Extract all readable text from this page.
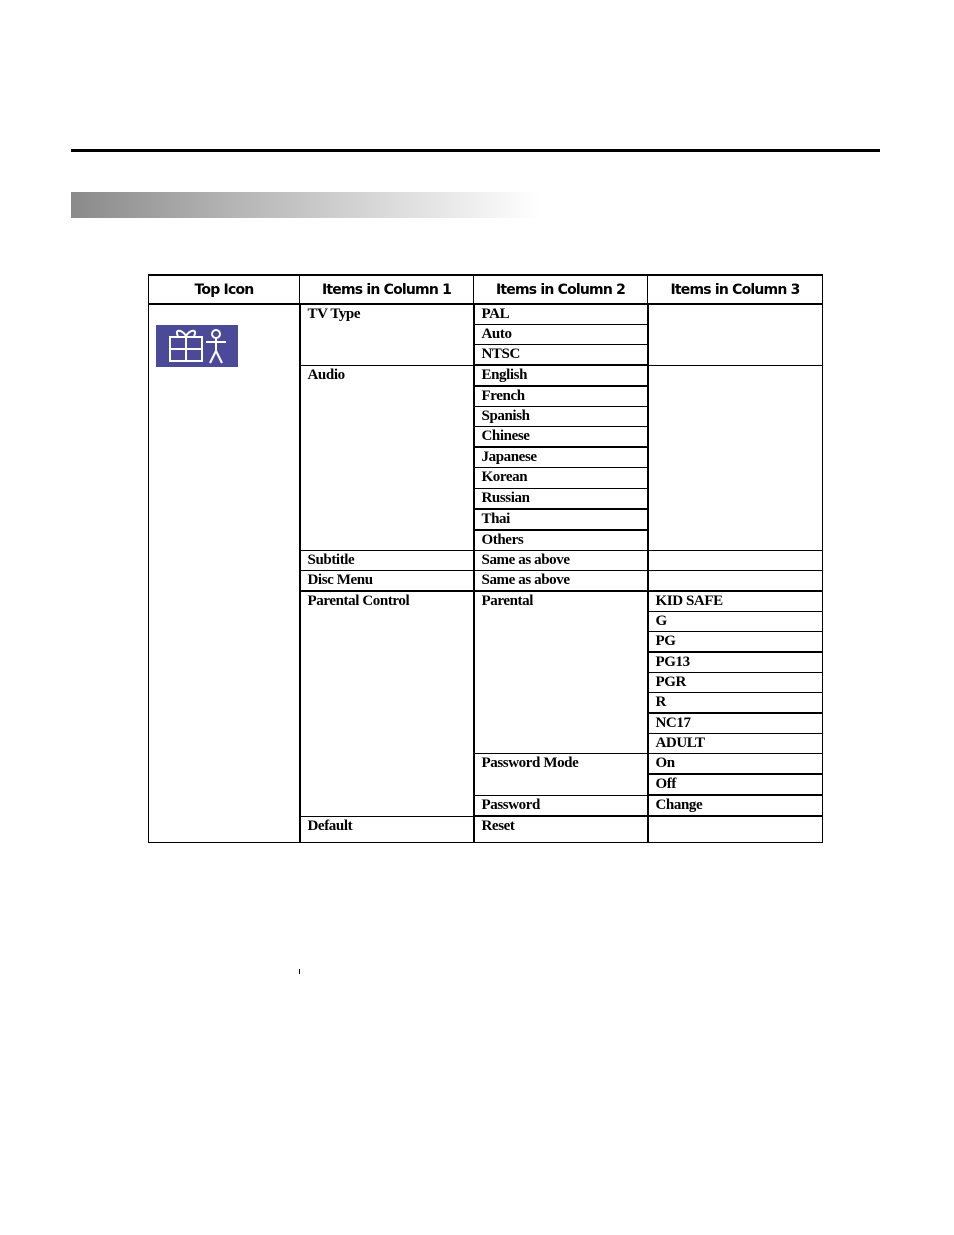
Top Icon	Items in Column 1	Items in Column 2	Items in Column 3

	TV Type	PAL	
		Auto	
		NTSC	
	Audio	English	
		French	
		Spanish	
		Chinese	
		Japanese	
		Korean	
		Russian	
		Thai	
		Others	
	Subtitle	Same as above	
	Disc Menu	Same as above	
	Parental Control	Parental	KID SAFE
			G
			PG
			PG13
			PGR
			R
			NC17
			ADULT
		Password Mode	On
			Off
		Password	Change
	Default	Reset	
